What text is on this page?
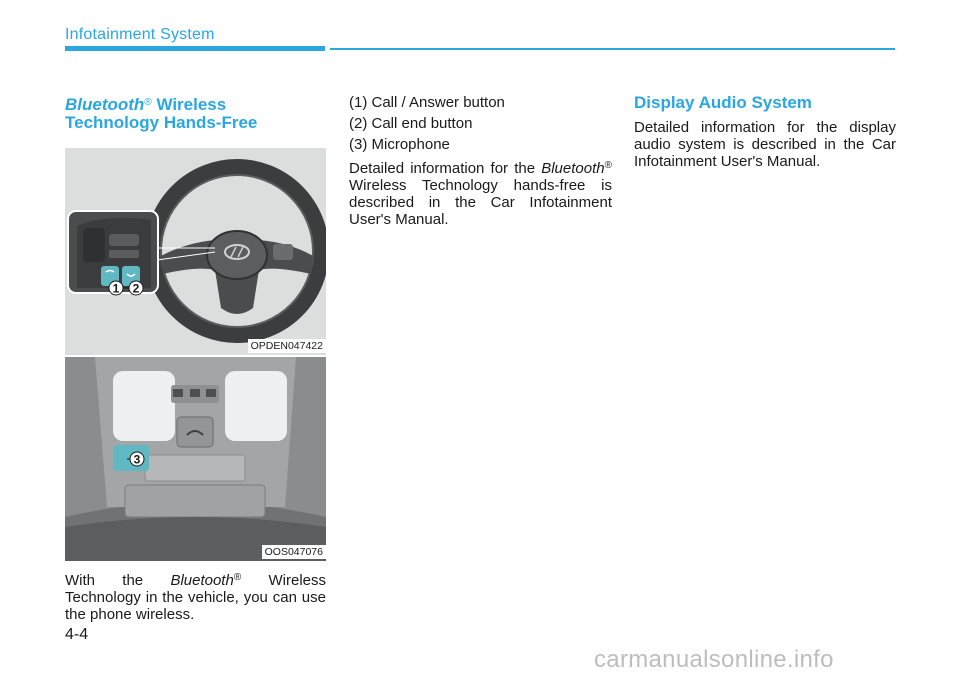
Infotainment System
Bluetooth® Wireless
Technology Hands-Free
1 2
OPDEN047422
3
OOS047076

With the Bluetooth® Wireless Technology in the vehicle, you can use the phone wireless.

(1) Call / Answer button

(2) Call end button

(3) Microphone

Detailed information for the Bluetooth® Wireless Technology hands-free is described in the Car Infotainment User's Manual.

Display Audio System

Detailed information for the display audio system is described in the Car Infotainment User's Manual.

4-4
carmanualsonline.info
